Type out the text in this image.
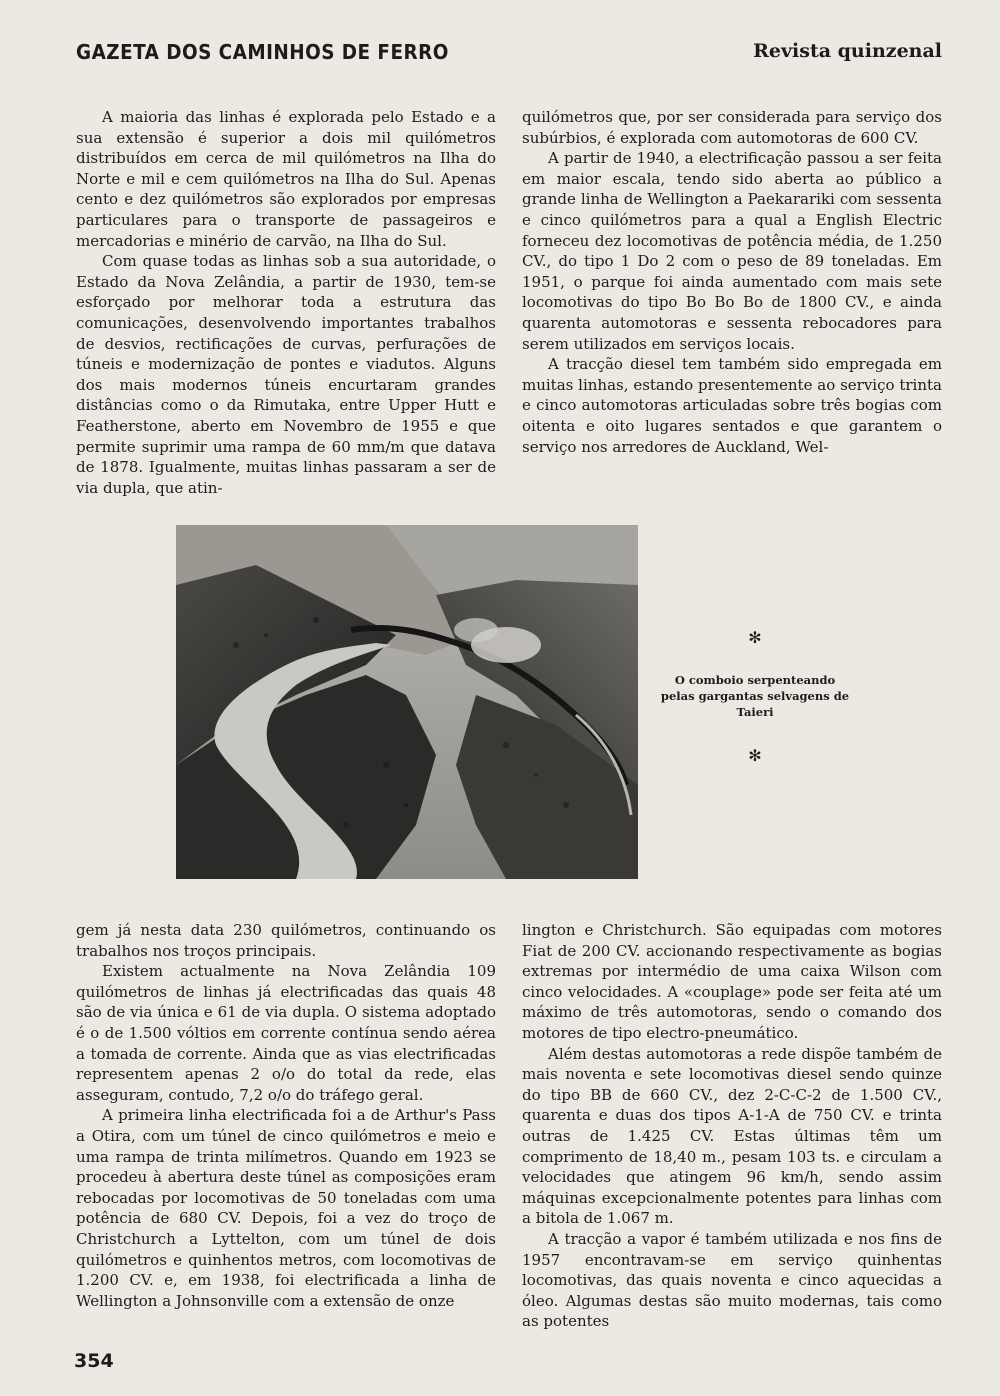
GAZETA DOS CAMINHOS DE FERRO	Revista quinzenal

A maioria das linhas é explorada pelo Estado e a sua extensão é superior a dois mil quilómetros distribuídos em cerca de mil quilómetros na Ilha do Norte e mil e cem quilómetros na Ilha do Sul. Apenas cento e dez quilómetros são explorados por empresas particulares para o transporte de passageiros e mercadorias e minério de carvão, na Ilha do Sul.

Com quase todas as linhas sob a sua autoridade, o Estado da Nova Zelândia, a partir de 1930, tem-se esforçado por melhorar toda a estrutura das comunicações, desenvolvendo importantes trabalhos de desvios, rectificações de curvas, perfurações de túneis e modernização de pontes e viadutos. Alguns dos mais modernos túneis encurtaram grandes distâncias como o da Rimutaka, entre Upper Hutt e Featherstone, aberto em Novembro de 1955 e que permite suprimir uma rampa de 60 mm/m que datava de 1878. Igualmente, muitas linhas passaram a ser de via dupla, que atin-

quilómetros que, por ser considerada para serviço dos subúrbios, é explorada com automotoras de 600 CV.

A partir de 1940, a electrificação passou a ser feita em maior escala, tendo sido aberta ao público a grande linha de Wellington a Paekarariki com sessenta e cinco quilómetros para a qual a English Electric forneceu dez locomotivas de potência média, de 1.250 CV., do tipo 1 Do 2 com o peso de 89 toneladas. Em 1951, o parque foi ainda aumentado com mais sete locomotivas do tipo Bo Bo Bo de 1800 CV., e ainda quarenta automotoras e sessenta rebocadores para serem utilizados em serviços locais.

A tracção diesel tem também sido empregada em muitas linhas, estando presentemente ao serviço trinta e cinco automotoras articuladas sobre três bogias com oitenta e oito lugares sentados e que garantem o serviço nos arredores de Auckland, Wel-

✻
O comboio serpenteando pelas gargantas selvagens de Taieri
✻

gem já nesta data 230 quilómetros, continuando os trabalhos nos troços principais.

Existem actualmente na Nova Zelândia 109 quilómetros de linhas já electrificadas das quais 48 são de via única e 61 de via dupla. O sistema adoptado é o de 1.500 vóltios em corrente contínua sendo aérea a tomada de corrente. Ainda que as vias electrificadas representem apenas 2 o/o do total da rede, elas asseguram, contudo, 7,2 o/o do tráfego geral.

A primeira linha electrificada foi a de Arthur's Pass a Otira, com um túnel de cinco quilómetros e meio e uma rampa de trinta milímetros. Quando em 1923 se procedeu à abertura deste túnel as composições eram rebocadas por locomotivas de 50 toneladas com uma potência de 680 CV. Depois, foi a vez do troço de Christchurch a Lyttelton, com um túnel de dois quilómetros e quinhentos metros, com locomotivas de 1.200 CV. e, em 1938, foi electrificada a linha de Wellington a Johnsonville com a extensão de onze

lington e Christchurch. São equipadas com motores Fiat de 200 CV. accionando respectivamente as bogias extremas por intermédio de uma caixa Wilson com cinco velocidades. A «couplage» pode ser feita até um máximo de três automotoras, sendo o comando dos motores de tipo electro-pneumático.

Além destas automotoras a rede dispõe também de mais noventa e sete locomotivas diesel sendo quinze do tipo BB de 660 CV., dez 2-C-C-2 de 1.500 CV., quarenta e duas dos tipos A-1-A de 750 CV. e trinta outras de 1.425 CV. Estas últimas têm um comprimento de 18,40 m., pesam 103 ts. e circulam a velocidades que atingem 96 km/h, sendo assim máquinas excepcionalmente potentes para linhas com a bitola de 1.067 m.

A tracção a vapor é também utilizada e nos fins de 1957 encontravam-se em serviço quinhentas locomotivas, das quais noventa e cinco aquecidas a óleo. Algumas destas são muito modernas, tais como as potentes

354
